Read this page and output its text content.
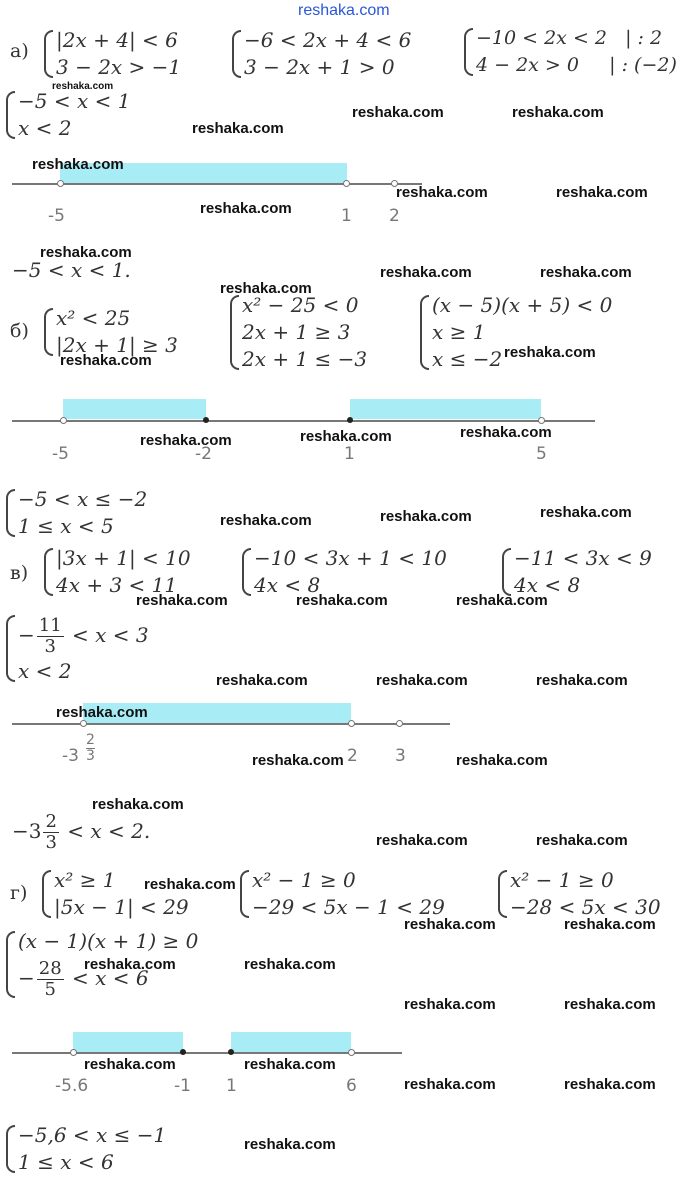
reshaka.com
а) |2x + 4| < 6
3 − 2x > −1
reshaka.com
−6 < 2x + 4 < 6
3 − 2x + 1 > 0
−10 < 2x < 2   | : 2
4 − 2x > 0     | : (−2)
−5 < x < 1
x < 2	reshaka.com
reshaka.com	reshaka.com
-5	1 2
reshaka.com
reshaka.com
reshaka.com	reshaka.com
−5 < x < 1.
reshaka.com
reshaka.com	reshaka.com
reshaka.com
б)
x² < 25
|2x + 1| ≥ 3
x² − 25 < 0
2x + 1 ≥ 3
2x + 1 ≤ −3
(x − 5)(x + 5) < 0
x ≥ 1
x ≤ −2
reshaka.com	reshaka.com
-5	-2	1	5
reshaka.com	reshaka.com	reshaka.com
−5 < x ≤ −2
1 ≤ x < 5	reshaka.com	reshaka.com	reshaka.com
в)
|3x + 1| < 10
4x + 3 < 11
−10 < 3x + 1 < 10
4x < 8
−11 < 3x < 9
4x < 8
reshaka.com	reshaka.com	reshaka.com
− $\frac{11}{3} < x < 3$
x < 2	reshaka.com	reshaka.com	reshaka.com
$-3 \frac{2}{3}$	2 3
reshaka.com
reshaka.com	reshaka.com
reshaka.com
$-3 \frac{2}{3} < x < 2$.	reshaka.com	reshaka.com
г)
x² ≥ 1
|5x − 1| < 29
x² − 1 ≥ 0
−29 < 5x − 1 < 29
x² − 1 ≥ 0
−28 < 5x < 30
reshaka.com
reshaka.com	reshaka.com
(x − 1)(x + 1) ≥ 0
− $\frac{28}{5} < x < 6$
reshaka.com	reshaka.com
reshaka.com	reshaka.com
-5.6	-1 1	6
reshaka.com	reshaka.com
reshaka.com	reshaka.com
−5,6 < x ≤ −1
1 ≤ x < 6
reshaka.com
